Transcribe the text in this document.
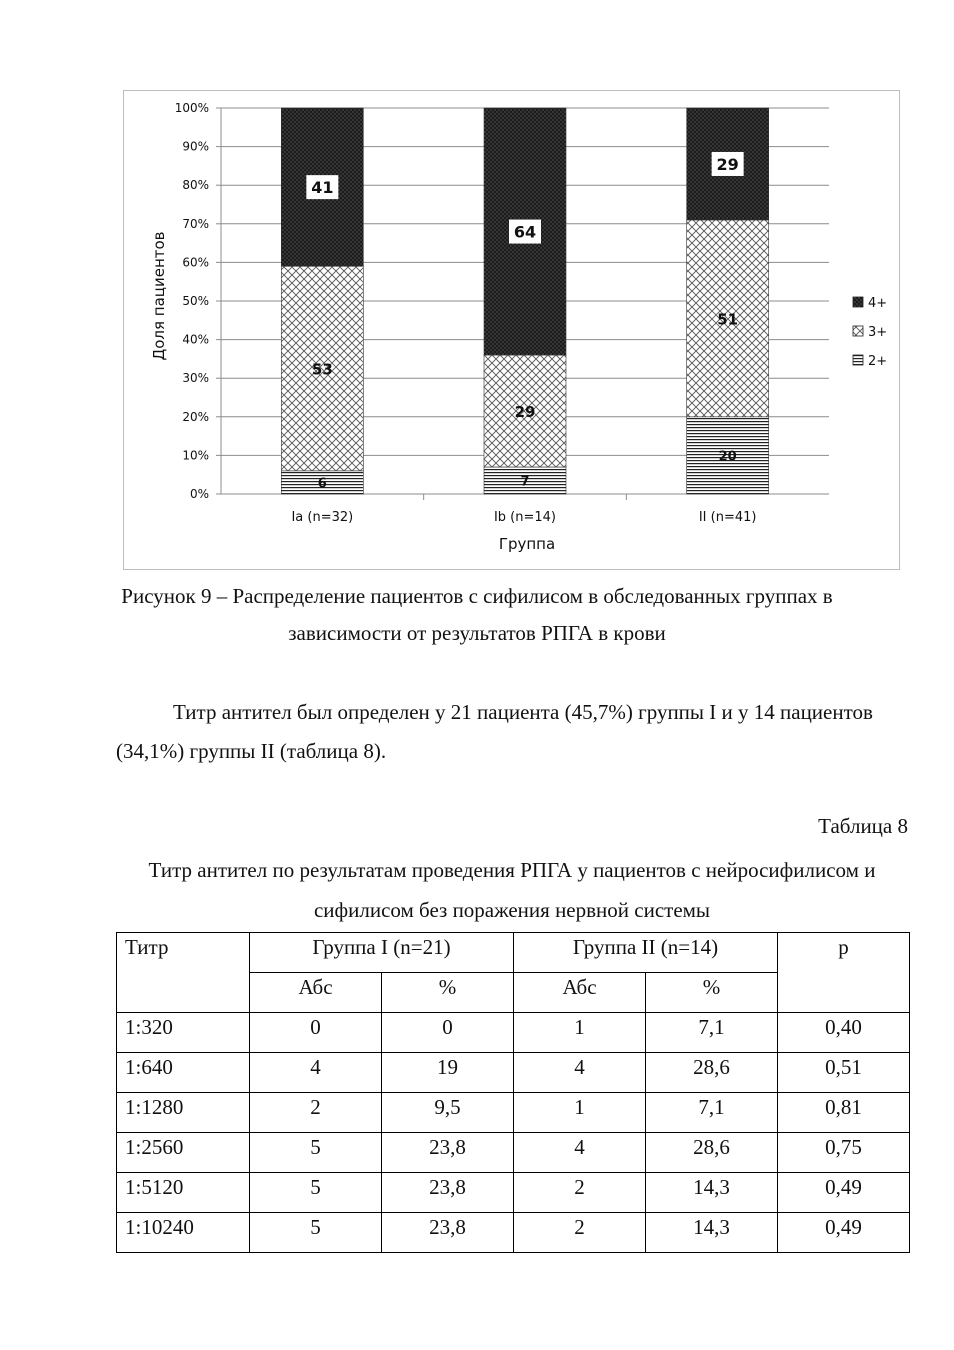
0%
10%
20%
30%
40%
50%
60%
70%
80%
90%
100%
Ia (n=32)	Ib (n=14)	II (n=41)
6
53
41
7
29
64
20
51
29
Доля пациентов
Группа
4+
3+
2+
Рисунок 9 – Распределение пациентов с сифилисом в обследованных группах в
зависимости от результатов РПГА в крови
Титр антител был определен у 21 пациента (45,7%) группы I и у 14 пациентов
(34,1%) группы II (таблица 8).
Таблица 8
Титр антител по результатам проведения РПГА у пациентов с нейросифилисом и
сифилисом без поражения нервной системы
Титр	Группа I (n=21)		Группа II (n=14)		р
	Абс	%	Абс	%	
1:320	0	0	1	7,1	0,40
1:640	4	19	4	28,6	0,51
1:1280	2	9,5	1	7,1	0,81
1:2560	5	23,8	4	28,6	0,75
1:5120	5	23,8	2	14,3	0,49
1:10240	5	23,8	2	14,3	0,49
